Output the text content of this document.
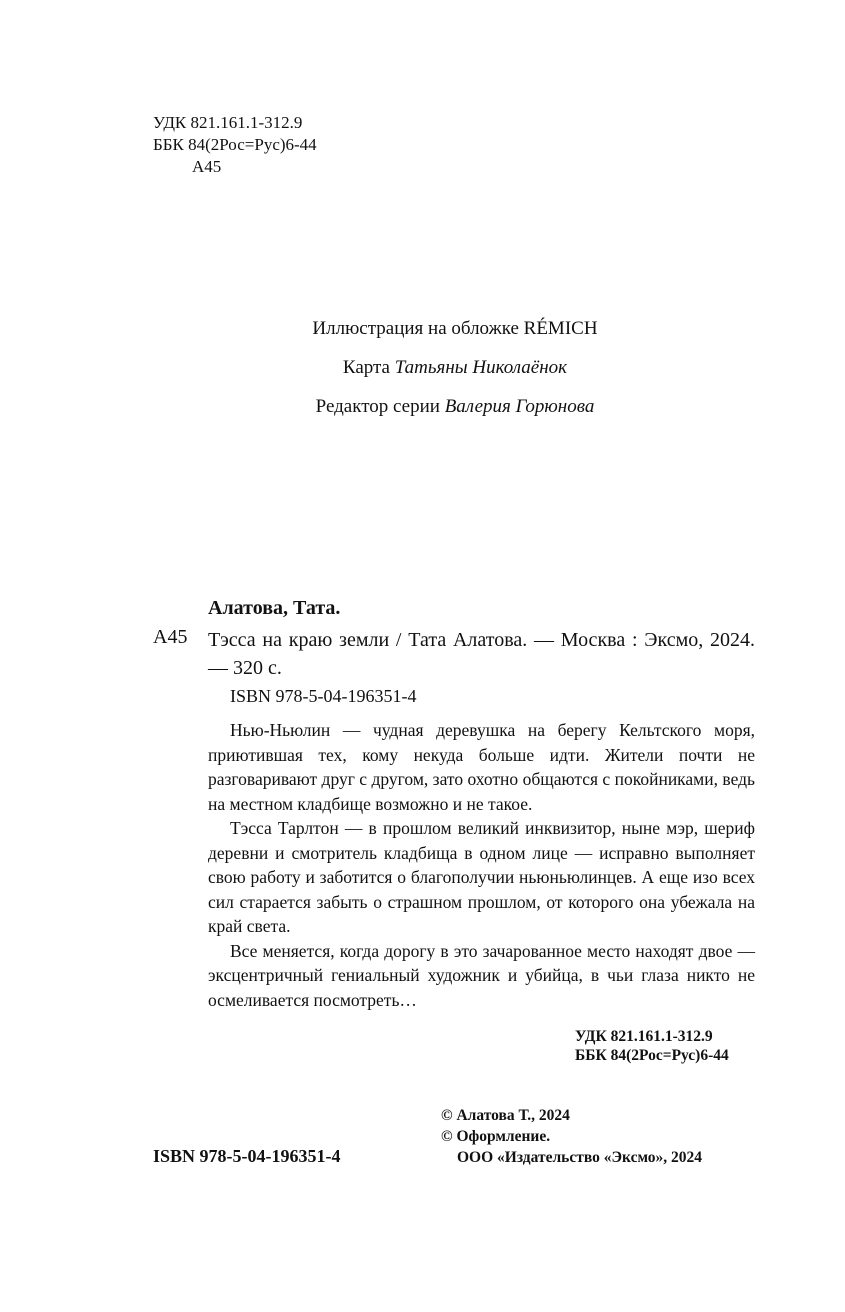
УДК 821.161.1-312.9
ББК 84(2Рос=Рус)6-44
А45
Иллюстрация на обложке RÉMICH
Карта Татьяны Николаёнок
Редактор серии Валерия Горюнова
Алатова, Тата.
А45 Тэсса на краю земли / Тата Алатова. — Москва : Эксмо, 2024. — 320 с.
ISBN 978-5-04-196351-4

Нью-Ньюлин — чудная деревушка на берегу Кельтского моря, приютившая тех, кому некуда больше идти. Жители почти не разговаривают друг с другом, зато охотно общаются с покойниками, ведь на местном кладбище возможно и не такое.

Тэсса Тарлтон — в прошлом великий инквизитор, ныне мэр, шериф деревни и смотритель кладбища в одном лице — исправно выполняет свою работу и заботится о благополучии ньюньюлинцев. А еще изо всех сил старается забыть о страшном прошлом, от которого она убежала на край света.

Все меняется, когда дорогу в это зачарованное место находят двое — эксцентричный гениальный художник и убийца, в чьи глаза никто не осмеливается посмотреть…

УДК 821.161.1-312.9
ББК 84(2Рос=Рус)6-44
© Алатова Т., 2024
© Оформление.
ООО «Издательство «Эксмо», 2024
ISBN 978-5-04-196351-4
